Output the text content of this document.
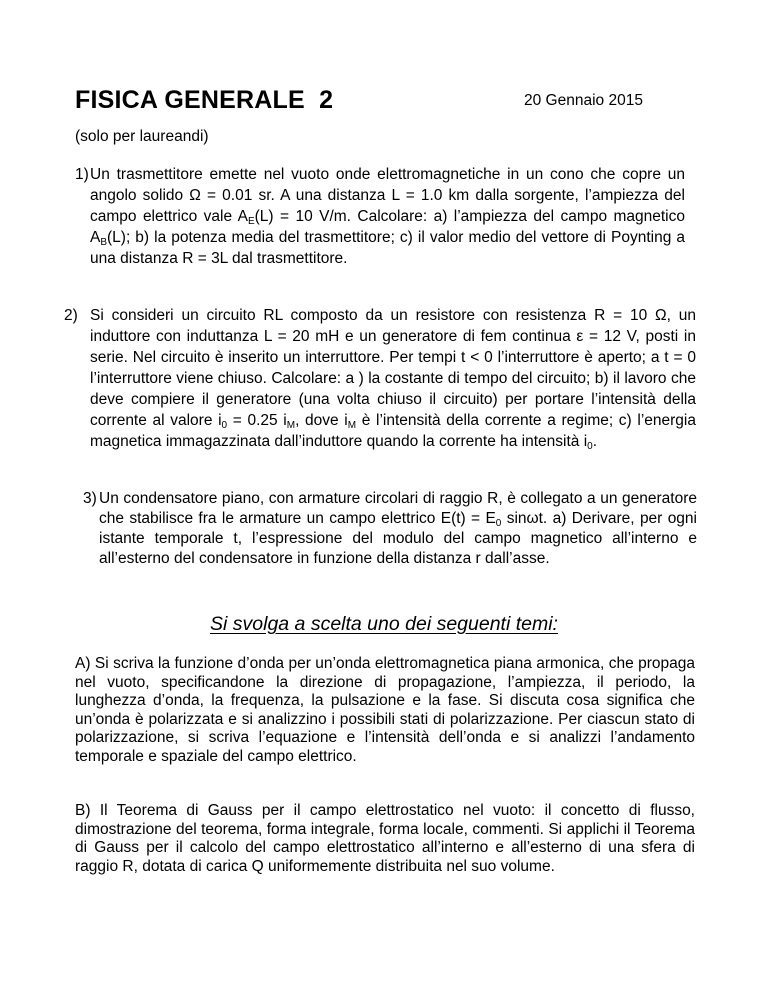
FISICA GENERALE  2	20 Gennaio 2015
(solo per laureandi)
1) Un trasmettitore emette nel vuoto onde elettromagnetiche in un cono che copre un angolo solido Ω = 0.01 sr. A una distanza L = 1.0 km dalla sorgente, l’ampiezza del campo elettrico vale $A_E(L) = 10$ V/m. Calcolare: a) l’ampiezza del campo magnetico $A_B(L)$; b) la potenza media del trasmettitore; c) il valor medio del vettore di Poynting a una distanza R = 3L dal trasmettitore.
2) Si consideri un circuito RL composto da un resistore con resistenza R = 10 Ω, un induttore con induttanza L = 20 mH e un generatore di fem continua ε = 12 V, posti in serie. Nel circuito è inserito un interruttore. Per tempi t < 0 l’interruttore è aperto; a t = 0 l’interruttore viene chiuso. Calcolare: a ) la costante di tempo del circuito; b) il lavoro che deve compiere il generatore (una volta chiuso il circuito) per portare l’intensità della corrente al valore $i_0 = 0.25$ $i_M$, dove $i_M$ è l’intensità della corrente a regime; c) l’energia magnetica immagazzinata dall’induttore quando la corrente ha intensità $i_0$.
3) Un condensatore piano, con armature circolari di raggio R, è collegato a un generatore che stabilisce fra le armature un campo elettrico $E(t) = E_0$ sinωt. a) Derivare, per ogni istante temporale t, l’espressione del modulo del campo magnetico all’interno e all’esterno del condensatore in funzione della distanza r dall’asse.
Si svolga a scelta uno dei seguenti temi:
A) Si scriva la funzione d’onda per un’onda elettromagnetica piana armonica, che propaga nel vuoto, specificandone la direzione di propagazione, l’ampiezza, il periodo, la lunghezza d’onda, la frequenza, la pulsazione e la fase. Si discuta cosa significa che un’onda è polarizzata e si analizzino i possibili stati di polarizzazione. Per ciascun stato di polarizzazione, si scriva l’equazione e l’intensità dell’onda e si analizzi l’andamento temporale e spaziale del campo elettrico.
B) Il Teorema di Gauss per il campo elettrostatico nel vuoto: il concetto di flusso, dimostrazione del teorema, forma integrale, forma locale, commenti. Si applichi il Teorema di Gauss per il calcolo del campo elettrostatico all’interno e all’esterno di una sfera di raggio R, dotata di carica Q uniformemente distribuita nel suo volume.
